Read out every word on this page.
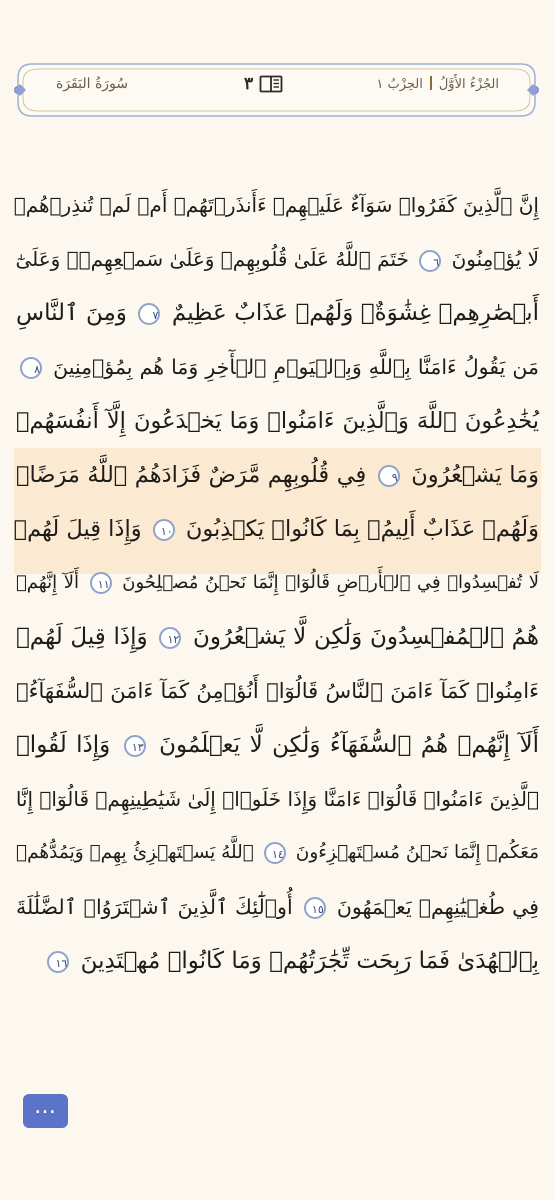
الجُزْءُ الأَوَّلُالحِزْبُ ١
٣
سُورَةُ البَقَرَة
إِنَّ ٱلَّذِينَ كَفَرُوا۟ سَوَآءٌ عَلَيۡهِمۡ ءَأَنذَرۡتَهُمۡ أَمۡ لَمۡ تُنذِرۡهُمۡ
لَا يُؤۡمِنُونَ ٦ خَتَمَ ٱللَّهُ عَلَىٰ قُلُوبِهِمۡ وَعَلَىٰ سَمۡعِهِمۡۖ وَعَلَىٰٓ
أَبۡصَٰرِهِمۡ غِشَٰوَةٌۖ وَلَهُمۡ عَذَابٌ عَظِيمٌ ٧ وَمِنَ ٱلنَّاسِ
مَن يَقُولُ ءَامَنَّا بِٱللَّهِ وَبِٱلۡيَوۡمِ ٱلۡأٓخِرِ وَمَا هُم بِمُؤۡمِنِينَ ٨
يُخَٰدِعُونَ ٱللَّهَ وَٱلَّذِينَ ءَامَنُوا۟ وَمَا يَخۡدَعُونَ إِلَّآ أَنفُسَهُمۡ
وَمَا يَشۡعُرُونَ ٩ فِي قُلُوبِهِم مَّرَضٌ فَزَادَهُمُ ٱللَّهُ مَرَضًاۖ
وَلَهُمۡ عَذَابٌ أَلِيمُۢ بِمَا كَانُوا۟ يَكۡذِبُونَ ١٠ وَإِذَا قِيلَ لَهُمۡ
لَا تُفۡسِدُوا۟ فِي ٱلۡأَرۡضِ قَالُوٓا۟ إِنَّمَا نَحۡنُ مُصۡلِحُونَ ١١ أَلَآ إِنَّهُمۡ
هُمُ ٱلۡمُفۡسِدُونَ وَلَٰكِن لَّا يَشۡعُرُونَ ١٢ وَإِذَا قِيلَ لَهُمۡ
ءَامِنُوا۟ كَمَآ ءَامَنَ ٱلنَّاسُ قَالُوٓا۟ أَنُؤۡمِنُ كَمَآ ءَامَنَ ٱلسُّفَهَآءُۗ
أَلَآ إِنَّهُمۡ هُمُ ٱلسُّفَهَآءُ وَلَٰكِن لَّا يَعۡلَمُونَ ١٣ وَإِذَا لَقُوا۟
ٱلَّذِينَ ءَامَنُوا۟ قَالُوٓا۟ ءَامَنَّا وَإِذَا خَلَوۡا۟ إِلَىٰ شَيَٰطِينِهِمۡ قَالُوٓا۟ إِنَّا
مَعَكُمۡ إِنَّمَا نَحۡنُ مُسۡتَهۡزِءُونَ ١٤ ٱللَّهُ يَسۡتَهۡزِئُ بِهِمۡ وَيَمُدُّهُمۡ
فِي طُغۡيَٰنِهِمۡ يَعۡمَهُونَ ١٥ أُو۟لَٰٓئِكَ ٱلَّذِينَ ٱشۡتَرَوُا۟ ٱلضَّلَٰلَةَ
بِٱلۡهُدَىٰ فَمَا رَبِحَت تِّجَٰرَتُهُمۡ وَمَا كَانُوا۟ مُهۡتَدِينَ ١٦
…
